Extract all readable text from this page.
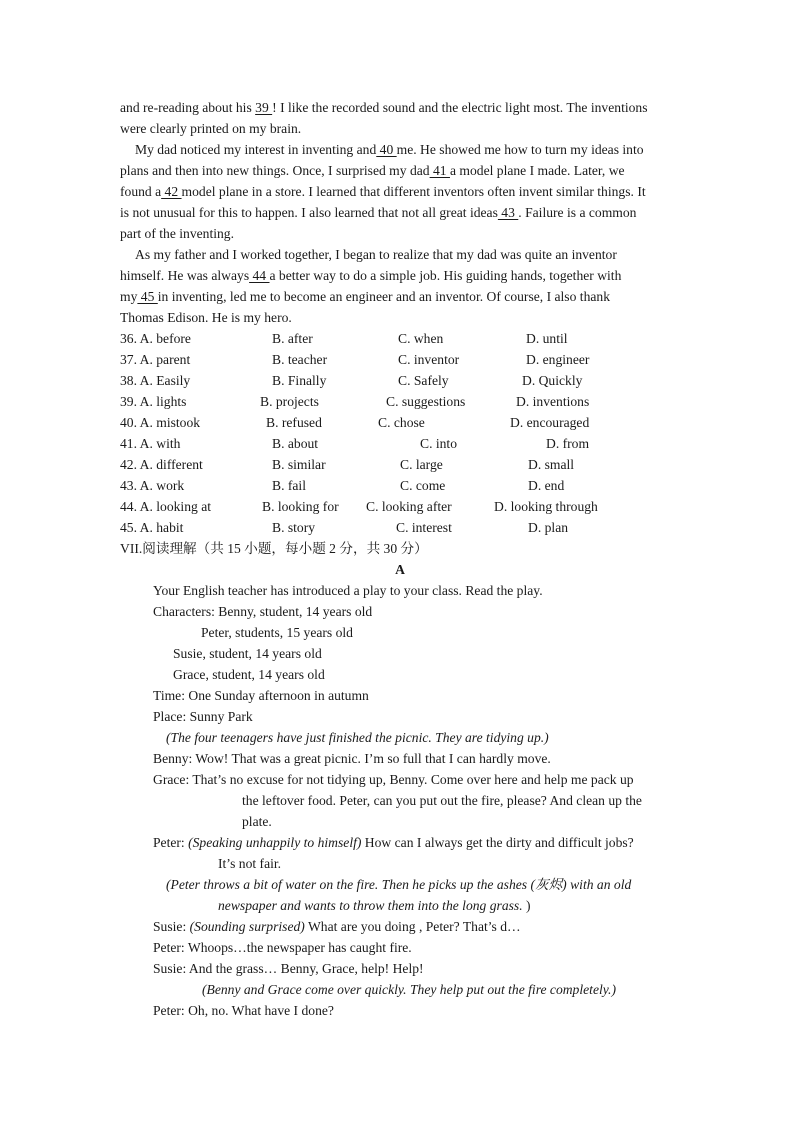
and re-reading about his 39 ! I like the recorded sound and the electric light most. The inventions
were clearly printed on my brain.
My dad noticed my interest in inventing and 40 me. He showed me how to turn my ideas into
plans and then into new things. Once, I surprised my dad 41 a model plane I made. Later, we
found a 42 model plane in a store. I learned that different inventors often invent similar things. It
is not unusual for this to happen. I also learned that not all great ideas 43 . Failure is a common
part of the inventing.
As my father and I worked together, I began to realize that my dad was quite an inventor
himself. He was always 44 a better way to do a simple job. His guiding hands, together with
my 45 in inventing, led me to become an engineer and an inventor. Of course, I also thank
Thomas Edison. He is my hero.
36. A. before	B. after	C. when	D. until
37. A. parent	B. teacher	C. inventor	D. engineer
38. A. Easily	B. Finally	C. Safely	D. Quickly
39. A. lights	B. projects	C. suggestions	D. inventions
40. A. mistook	B. refused	C. chose	D. encouraged
41. A. with	B. about	C. into	D. from
42. A. different	B. similar	C. large	D. small
43. A. work	B. fail	C. come	D. end
44. A. looking at	B. looking for C. looking after	D. looking through
45. A. habit	B. story	C. interest	D. plan
VII.阅读理解（共 15 小题，每小题 2 分，共 30 分）
A
Your English teacher has introduced a play to your class. Read the play.
Characters: Benny, student, 14 years old
Peter, students, 15 years old
Susie, student, 14 years old
Grace, student, 14 years old
Time: One Sunday afternoon in autumn
Place: Sunny Park
(The four teenagers have just finished the picnic. They are tidying up.)
Benny: Wow! That was a great picnic. I’m so full that I can hardly move.
Grace: That’s no excuse for not tidying up, Benny. Come over here and help me pack up
the leftover food. Peter, can you put out the fire, please? And clean up the
plate.
Peter: (Speaking unhappily to himself) How can I always get the dirty and difficult jobs?
It’s not fair.
(Peter throws a bit of water on the fire. Then he picks up the ashes (灰烬) with an old
newspaper and wants to throw them into the long grass. )
Susie: (Sounding surprised) What are you doing , Peter? That’s d…
Peter: Whoops…the newspaper has caught fire.
Susie: And the grass… Benny, Grace, help! Help!
(Benny and Grace come over quickly. They help put out the fire completely.)
Peter: Oh, no. What have I done?
